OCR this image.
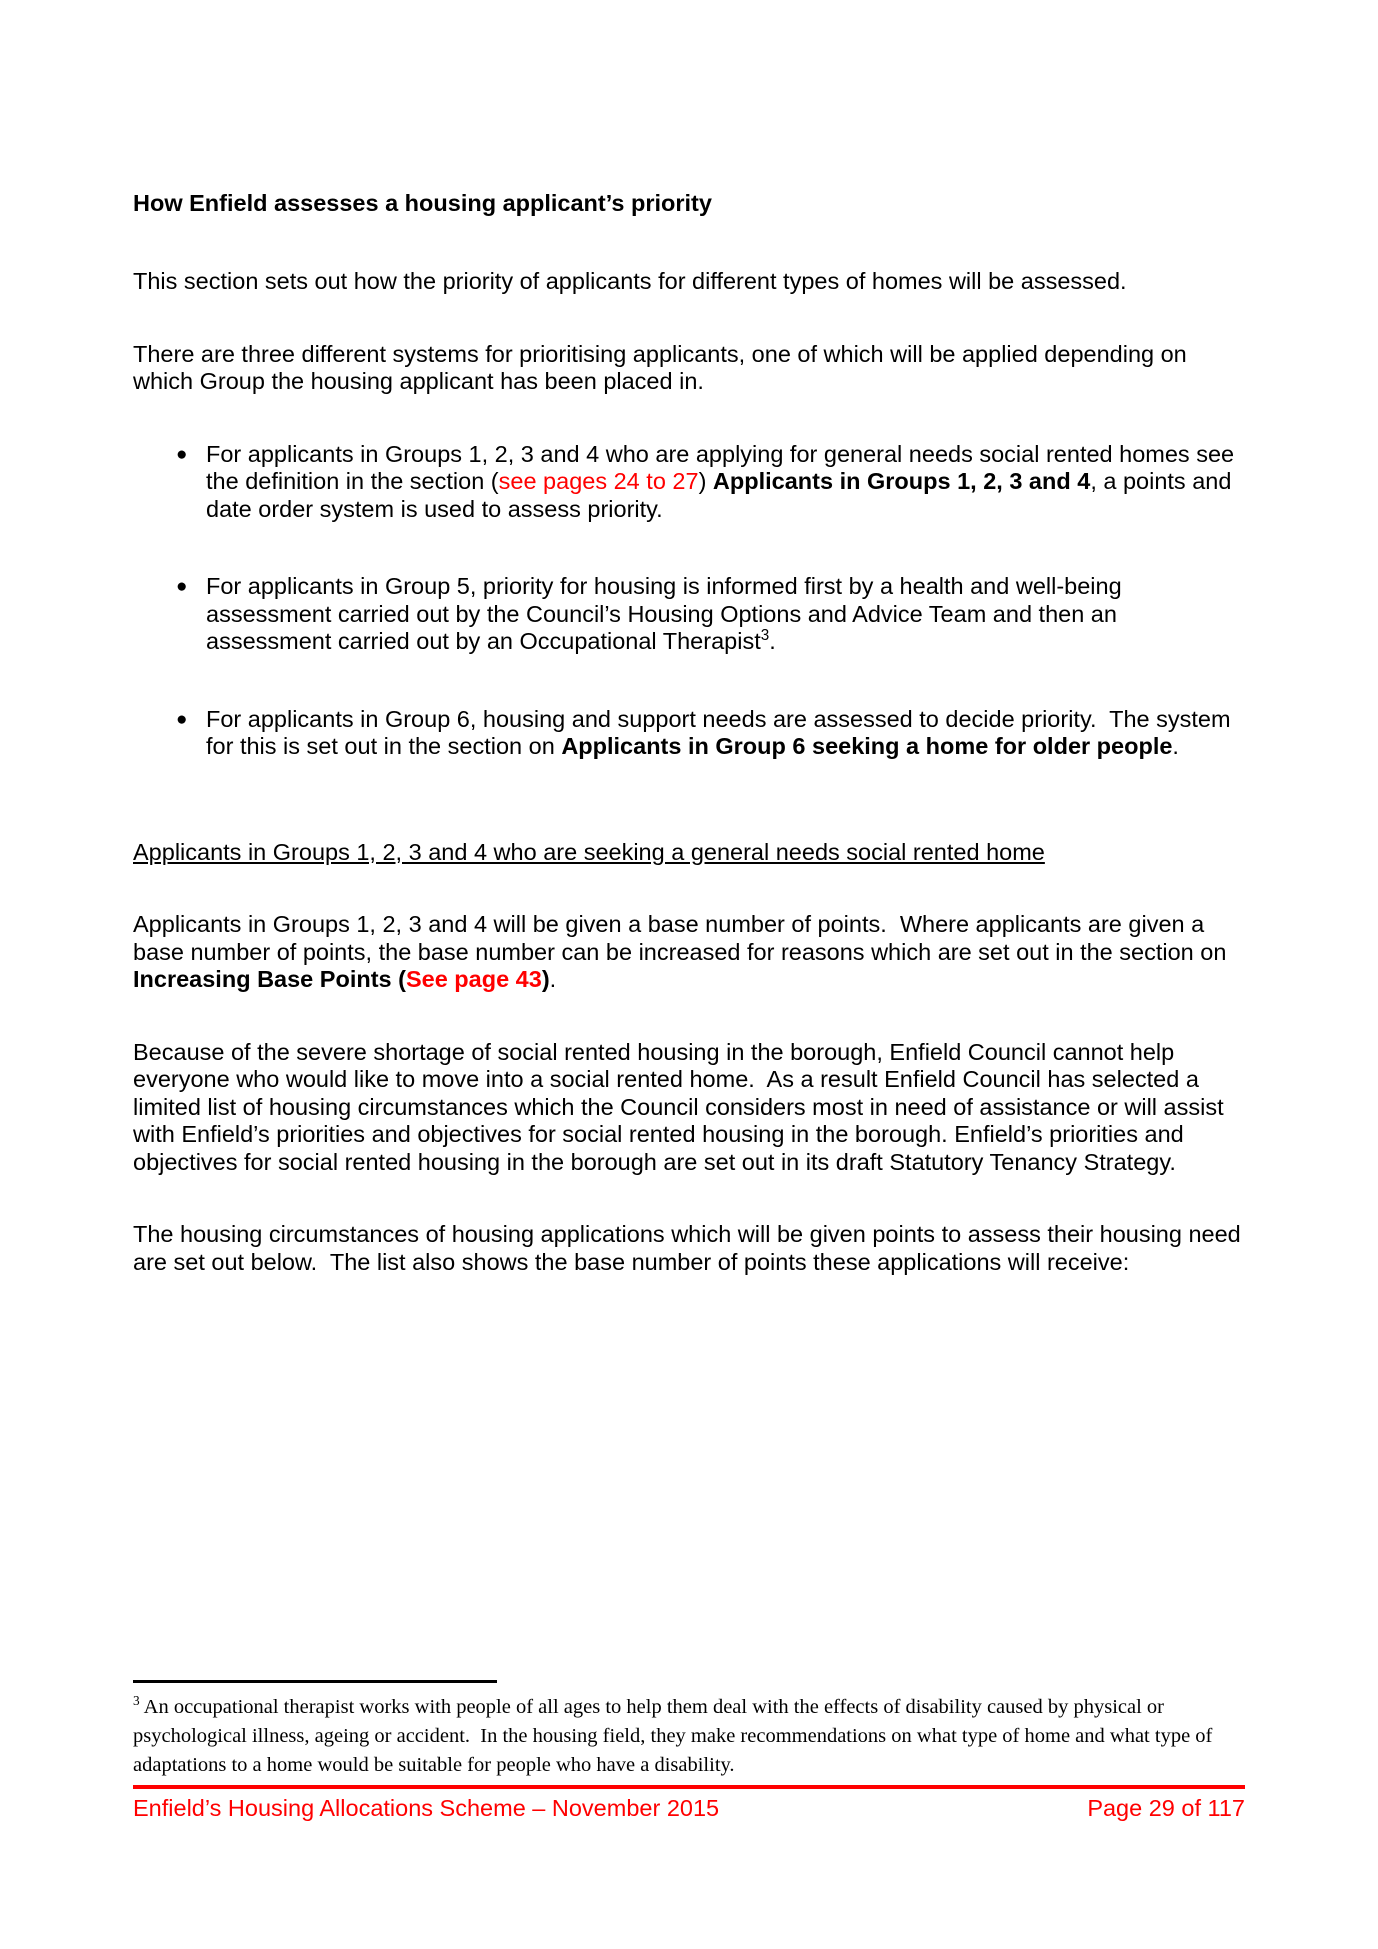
How Enfield assesses a housing applicant’s priority

This section sets out how the priority of applicants for different types of homes will be assessed.

There are three different systems for prioritising applicants, one of which will be applied depending on which Group the housing applicant has been placed in.

● For applicants in Groups 1, 2, 3 and 4 who are applying for general needs social rented homes see the definition in the section (see pages 24 to 27) Applicants in Groups 1, 2, 3 and 4, a points and date order system is used to assess priority.
● For applicants in Group 5, priority for housing is informed first by a health and well-being assessment carried out by the Council’s Housing Options and Advice Team and then an assessment carried out by an Occupational Therapist$^3$.
● For applicants in Group 6, housing and support needs are assessed to decide priority.  The system for this is set out in the section on Applicants in Group 6 seeking a home for older people.
Applicants in Groups 1, 2, 3 and 4 who are seeking a general needs social rented home

Applicants in Groups 1, 2, 3 and 4 will be given a base number of points.  Where applicants are given a base number of points, the base number can be increased for reasons which are set out in the section on Increasing Base Points (See page 43).

Because of the severe shortage of social rented housing in the borough, Enfield Council cannot help everyone who would like to move into a social rented home.  As a result Enfield Council has selected a limited list of housing circumstances which the Council considers most in need of assistance or will assist with Enfield’s priorities and objectives for social rented housing in the borough. Enfield’s priorities and objectives for social rented housing in the borough are set out in its draft Statutory Tenancy Strategy.

The housing circumstances of housing applications which will be given points to assess their housing need are set out below.  The list also shows the base number of points these applications will receive:

$^3$ An occupational therapist works with people of all ages to help them deal with the effects of disability caused by physical or psychological illness, ageing or accident.  In the housing field, they make recommendations on what type of home and what type of adaptations to a home would be suitable for people who have a disability.

Enfield’s Housing Allocations Scheme – November 2015	Page 29 of 117
